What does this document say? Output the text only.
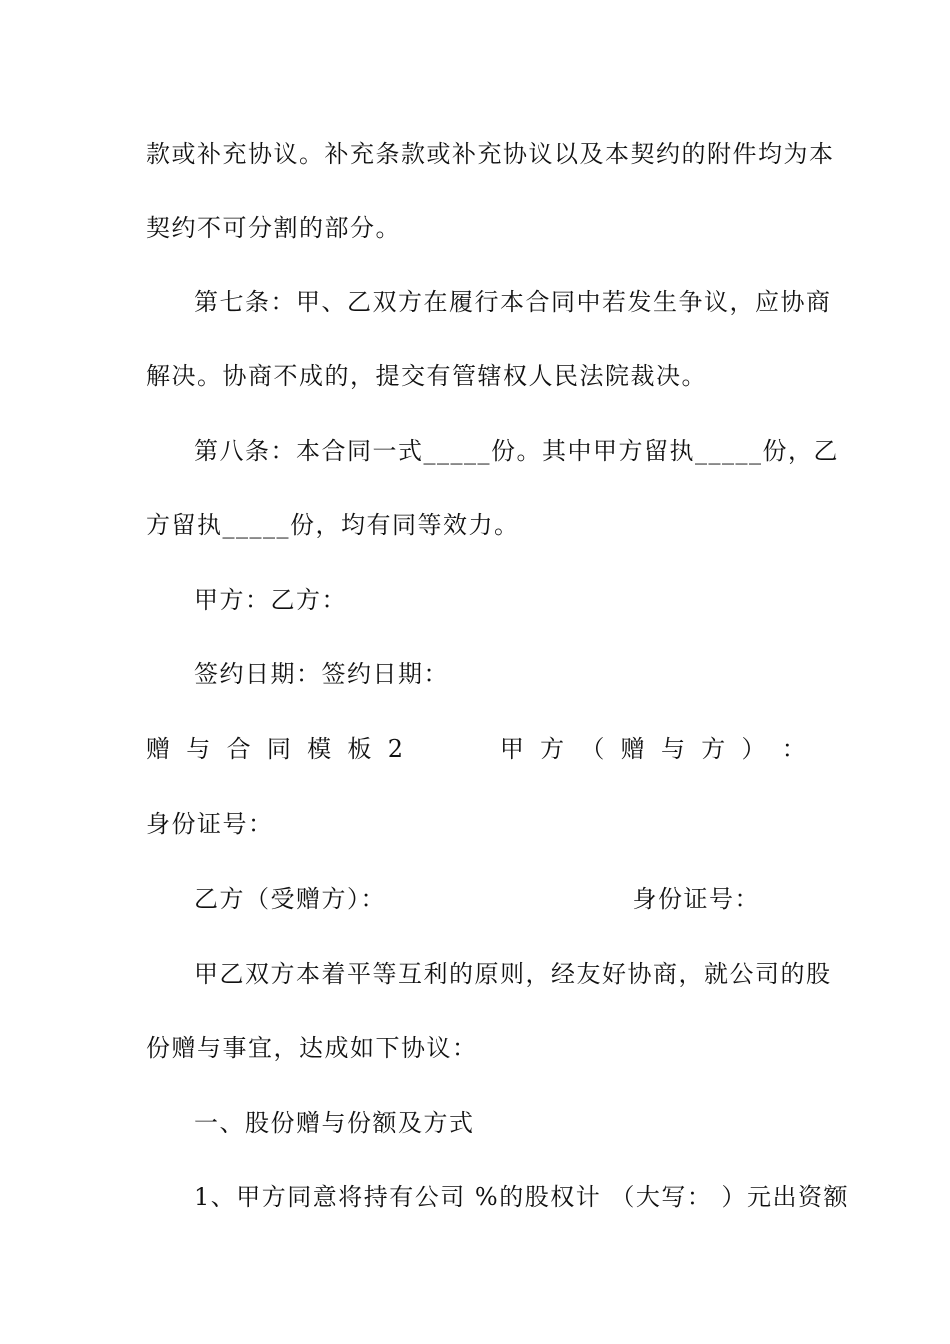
款或补充协议。补充条款或补充协议以及本契约的附件均为本
契约不可分割的部分。
第七条：甲、乙双方在履行本合同中若发生争议，应协商
解决。协商不成的，提交有管辖权人民法院裁决。
第八条：本合同一式_____份。其中甲方留执_____份，乙
方留执_____份，均有同等效力。
甲方：乙方：
签约日期：签约日期：
赠 与 合 同 模 板 2	甲 方 （ 赠 与 方 ） ：
身份证号：
乙方（受赠方）：	身份证号：
甲乙双方本着平等互利的原则，经友好协商，就公司的股
份赠与事宜，达成如下协议：
一、股份赠与份额及方式
1、甲方同意将持有公司 %的股权计 （大写： ）元出资额
